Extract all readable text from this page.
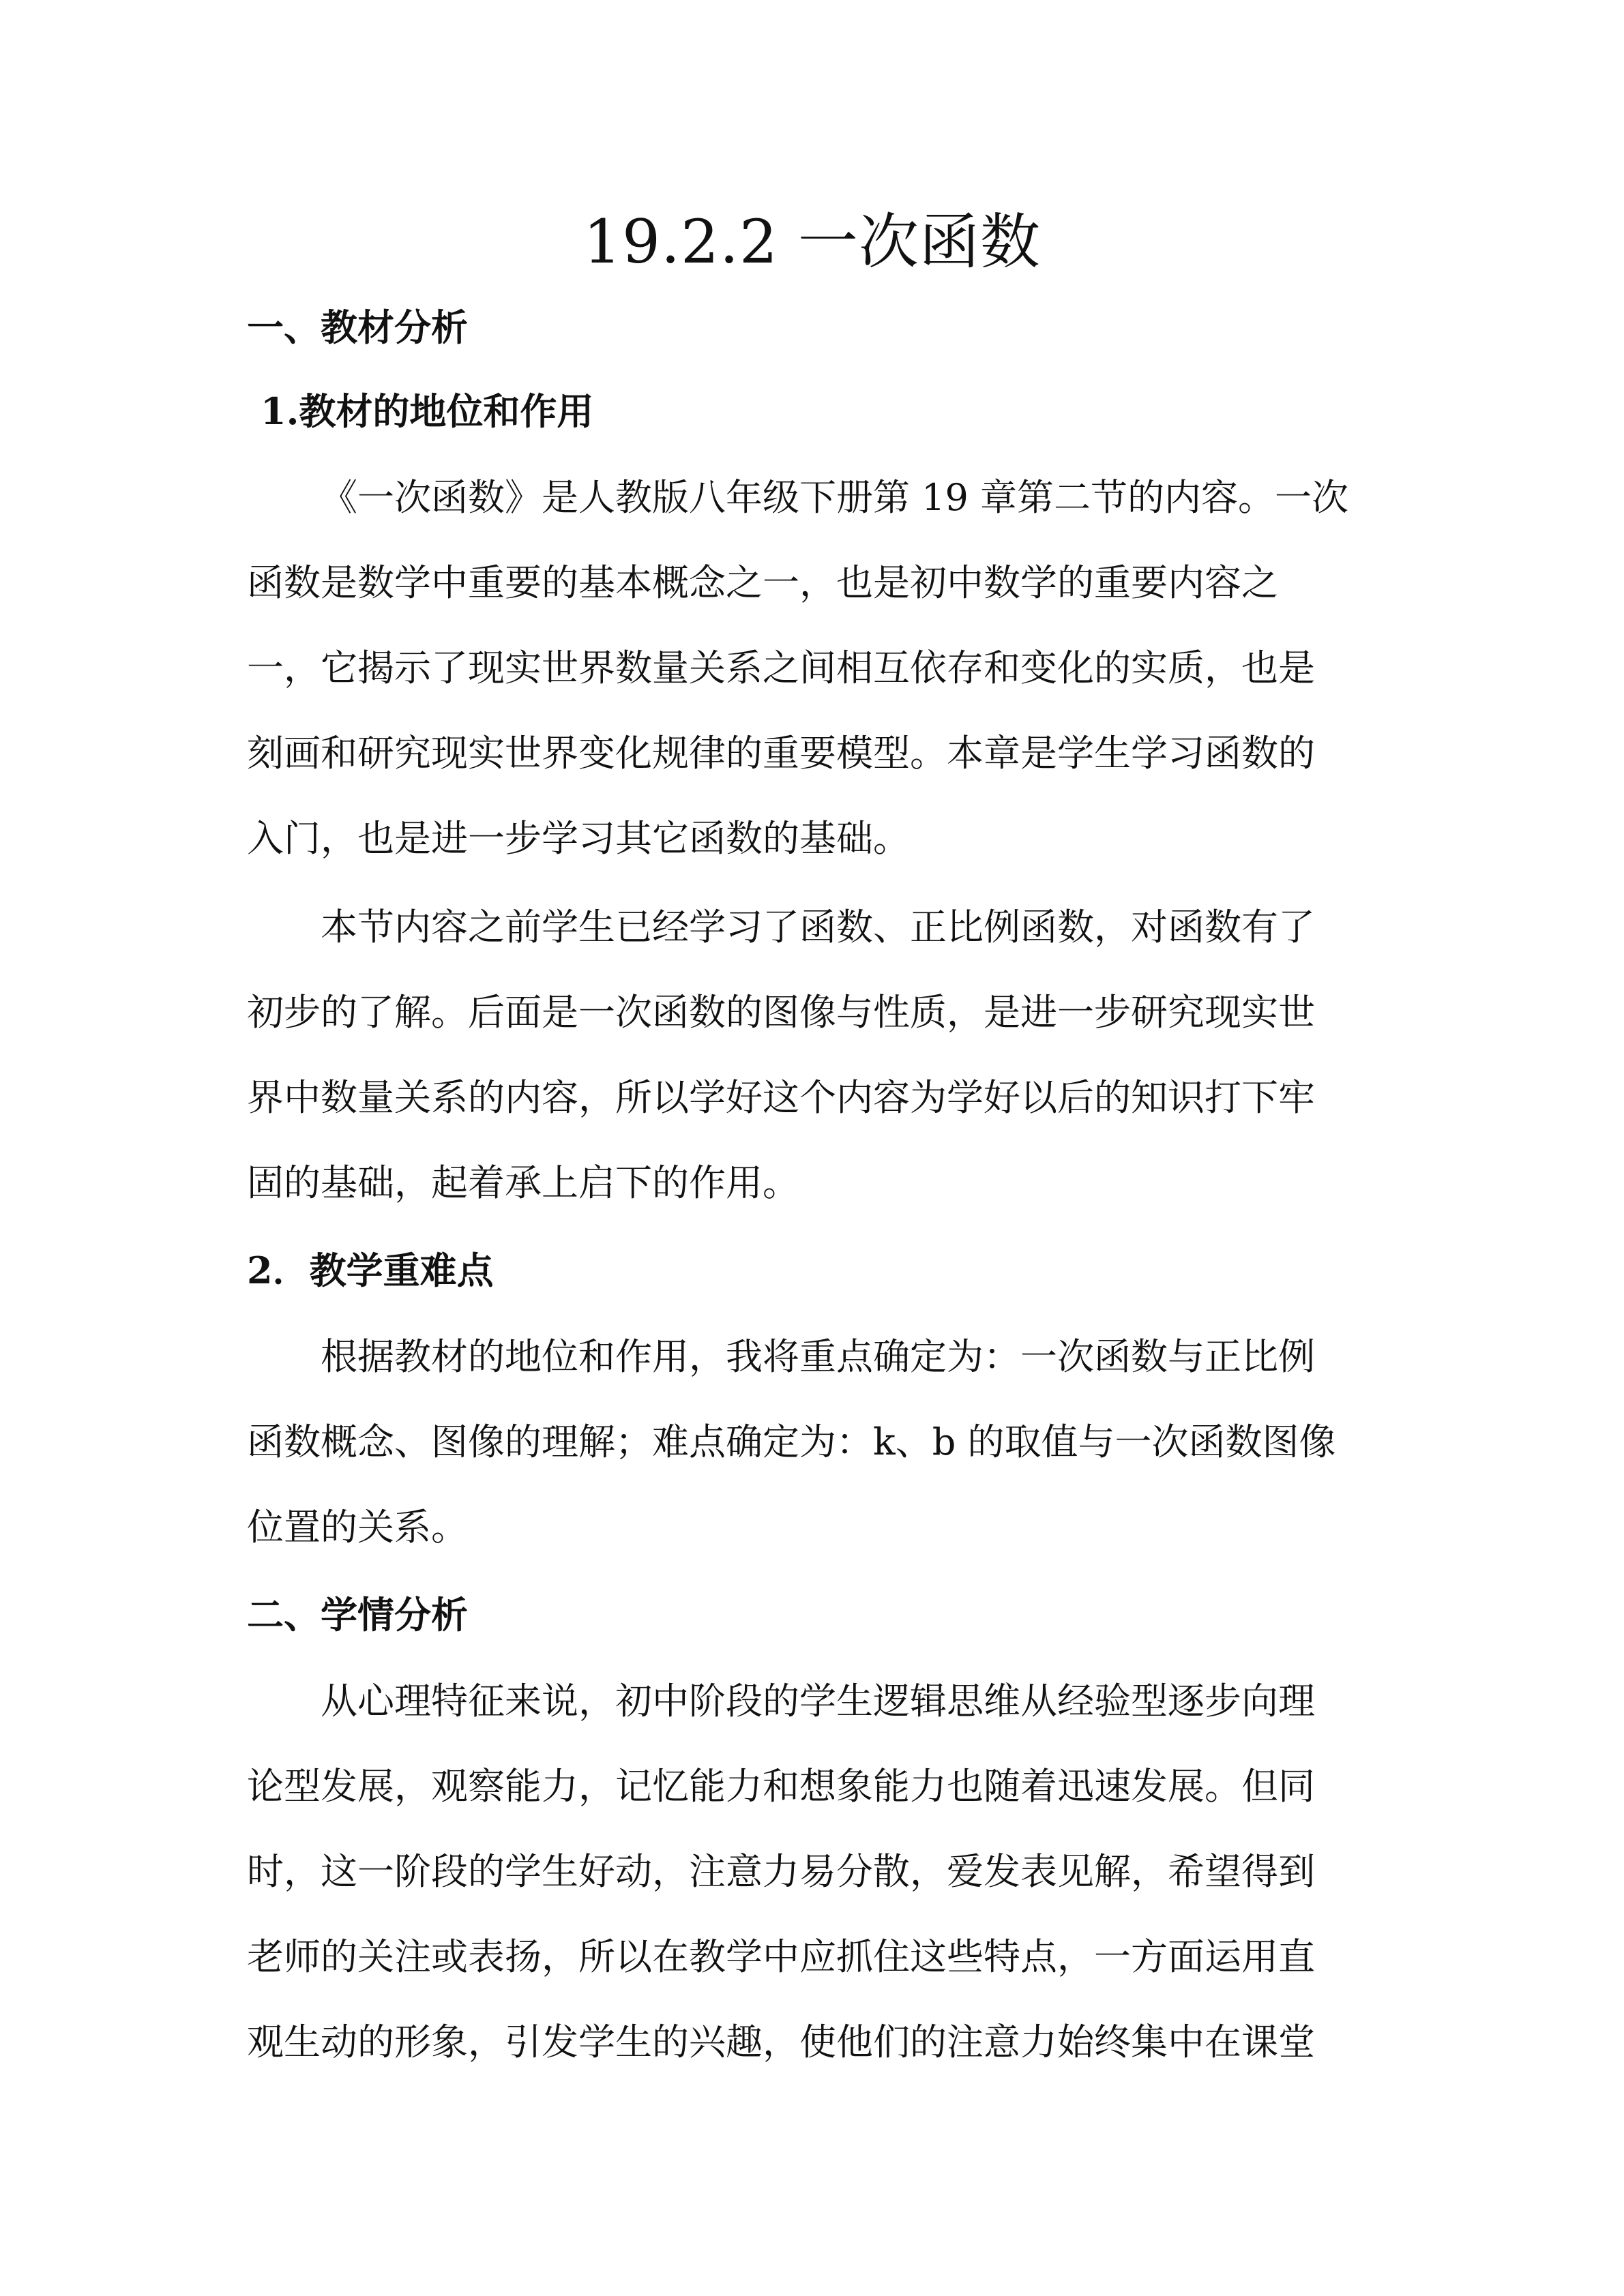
19.2.2 一次函数
一、教材分析
1.教材的地位和作用
《一次函数》是人教版八年级下册第 19 章第二节的内容。一次
函数是数学中重要的基本概念之一，也是初中数学的重要内容之
一，它揭示了现实世界数量关系之间相互依存和变化的实质，也是
刻画和研究现实世界变化规律的重要模型。本章是学生学习函数的
入门，也是进一步学习其它函数的基础。
本节内容之前学生已经学习了函数、正比例函数，对函数有了
初步的了解。后面是一次函数的图像与性质，是进一步研究现实世
界中数量关系的内容，所以学好这个内容为学好以后的知识打下牢
固的基础，起着承上启下的作用。
2．教学重难点
根据教材的地位和作用，我将重点确定为：一次函数与正比例
函数概念、图像的理解；难点确定为：k、b 的取值与一次函数图像
位置的关系。
二、学情分析
从心理特征来说，初中阶段的学生逻辑思维从经验型逐步向理
论型发展，观察能力，记忆能力和想象能力也随着迅速发展。但同
时，这一阶段的学生好动，注意力易分散，爱发表见解，希望得到
老师的关注或表扬，所以在教学中应抓住这些特点，一方面运用直
观生动的形象，引发学生的兴趣，使他们的注意力始终集中在课堂
